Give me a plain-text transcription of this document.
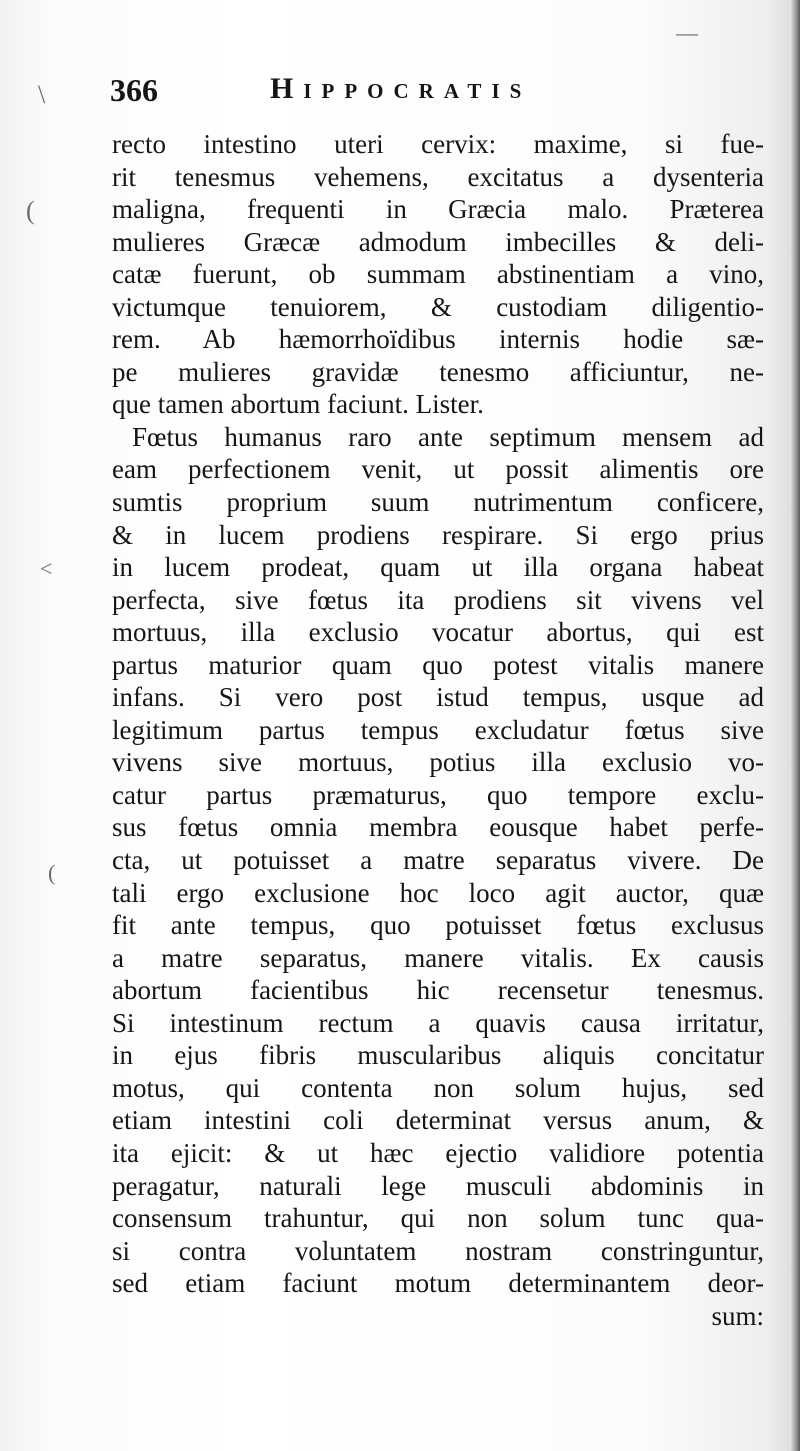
\
(
<
(
—
366	Hippocratis
recto intestino uteri cervix: maxime, si fue-
rit tenesmus vehemens, excitatus a dysenteria
maligna, frequenti in Græcia malo. Præterea
mulieres Græcæ admodum imbecilles & deli-
catæ fuerunt, ob summam abstinentiam a vino,
victumque tenuiorem, & custodiam diligentio-
rem. Ab hæmorrhoïdibus internis hodie sæ-
pe mulieres gravidæ tenesmo afficiuntur, ne-
que tamen abortum faciunt. Lister.
Fœtus humanus raro ante septimum mensem ad
eam perfectionem venit, ut possit alimentis ore
sumtis proprium suum nutrimentum conficere,
& in lucem prodiens respirare. Si ergo prius
in lucem prodeat, quam ut illa organa habeat
perfecta, sive fœtus ita prodiens sit vivens vel
mortuus, illa exclusio vocatur abortus, qui est
partus maturior quam quo potest vitalis manere
infans. Si vero post istud tempus, usque ad
legitimum partus tempus excludatur fœtus sive
vivens sive mortuus, potius illa exclusio vo-
catur partus præmaturus, quo tempore exclu-
sus fœtus omnia membra eousque habet perfe-
cta, ut potuisset a matre separatus vivere. De
tali ergo exclusione hoc loco agit auctor, quæ
fit ante tempus, quo potuisset fœtus exclusus
a matre separatus, manere vitalis. Ex causis
abortum facientibus hic recensetur tenesmus.
Si intestinum rectum a quavis causa irritatur,
in ejus fibris muscularibus aliquis concitatur
motus, qui contenta non solum hujus, sed
etiam intestini coli determinat versus anum, &
ita ejicit: & ut hæc ejectio validiore potentia
peragatur, naturali lege musculi abdominis in
consensum trahuntur, qui non solum tunc qua-
si contra voluntatem nostram constringuntur,
sed etiam faciunt motum determinantem deor-
sum:
